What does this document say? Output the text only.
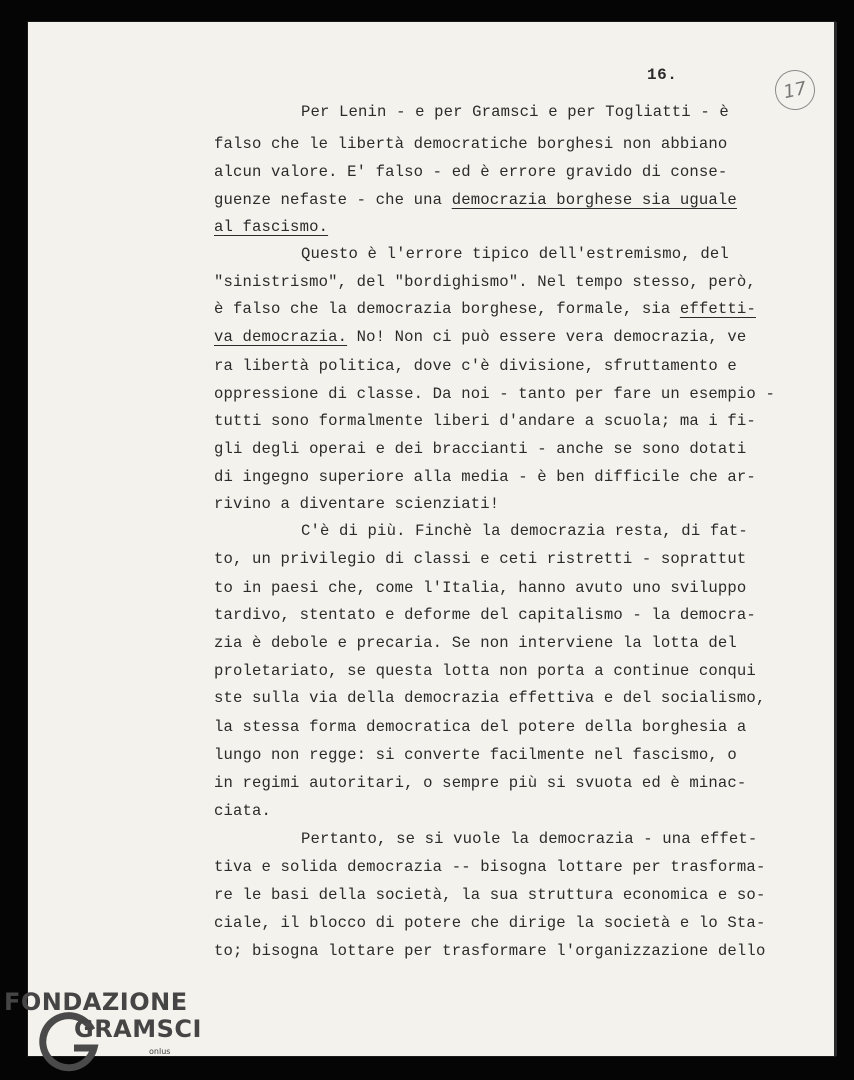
16.
17
Per Lenin - e per Gramsci e per Togliatti - è
falso che le libertà democratiche borghesi non abbiano
alcun valore. E' falso - ed è errore gravido di conse-
guenze nefaste - che una democrazia borghese sia uguale
al fascismo.
Questo è l'errore tipico dell'estremismo, del
"sinistrismo", del "bordighismo". Nel tempo stesso, però,
è falso che la democrazia borghese, formale, sia effetti-
va democrazia. No! Non ci può essere vera democrazia, ve
ra libertà politica, dove c'è divisione, sfruttamento e
oppressione di classe. Da noi - tanto per fare un esempio -
tutti sono formalmente liberi d'andare a scuola; ma i fi-
gli degli operai e dei braccianti - anche se sono dotati
di ingegno superiore alla media - è ben difficile che ar-
rivino a diventare scienziati!
C'è di più. Finchè la democrazia resta, di fat-
to, un privilegio di classi e ceti ristretti - soprattut
to in paesi che, come l'Italia, hanno avuto uno sviluppo
tardivo, stentato e deforme del capitalismo - la democra-
zia è debole e precaria. Se non interviene la lotta del
proletariato, se questa lotta non porta a continue conqui
ste sulla via della democrazia effettiva e del socialismo,
la stessa forma democratica del potere della borghesia a
lungo non regge: si converte facilmente nel fascismo, o
in regimi autoritari, o sempre più si svuota ed è minac-
ciata.
Pertanto, se si vuole la democrazia - una effet-
tiva e solida democrazia -- bisogna lottare per trasforma-
re le basi della società, la sua struttura economica e so-
ciale, il blocco di potere che dirige la società e lo Sta-
to; bisogna lottare per trasformare l'organizzazione dello
FONDAZIONE
GRAMSCI
onlus
